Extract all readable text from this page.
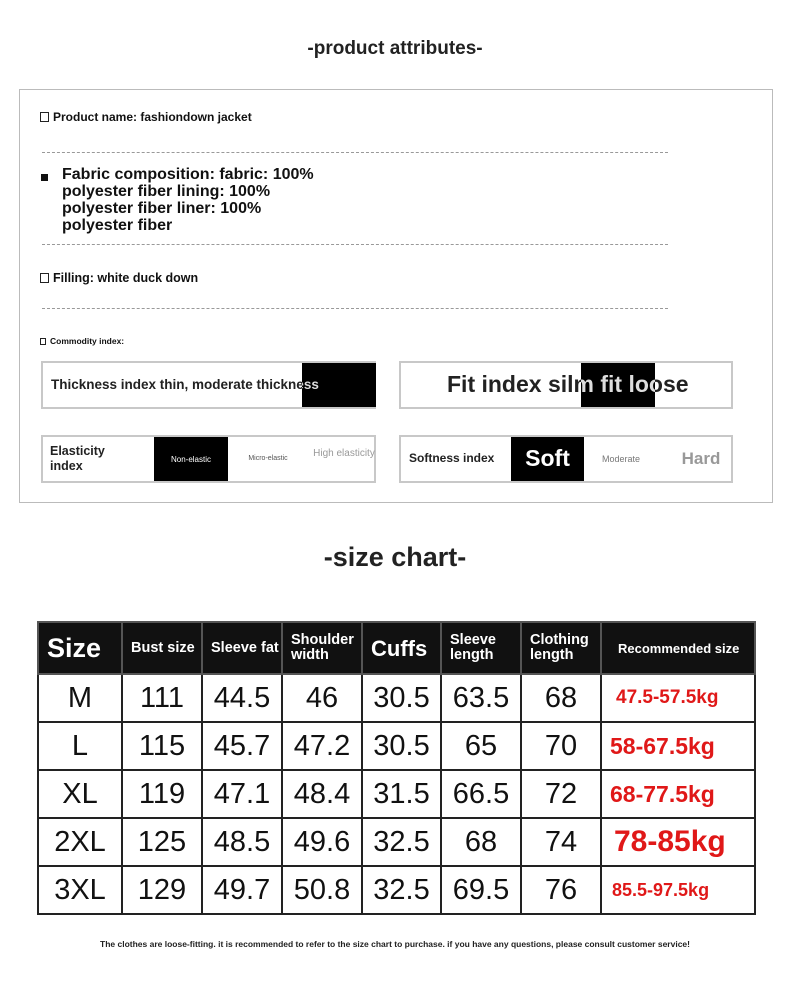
-product attributes-
Product name: fashiondown jacket
Fabric composition: fabric: 100%
polyester fiber lining: 100%
polyester fiber liner: 100%
polyester fiber
Filling: white duck down
Commodity index:
Thickness index thin, moderate thickness	Fit index silm fit loose
Elasticity index	Non-elastic	Micro-elastic	High elasticity	Softness index	Soft	Moderate	Hard
-size chart-
Size	Bust size	Sleeve fat	Shoulder width	Cuffs	Sleeve length	Clothing length	Recommended size
M	111	44.5	46	30.5	63.5	68	47.5-57.5kg
L	115	45.7	47.2	30.5	65	70	58-67.5kg
XL	119	47.1	48.4	31.5	66.5	72	68-77.5kg
2XL	125	48.5	49.6	32.5	68	74	78-85kg
3XL	129	49.7	50.8	32.5	69.5	76	85.5-97.5kg
The clothes are loose-fitting. it is recommended to refer to the size chart to purchase. if you have any questions, please consult customer service!
